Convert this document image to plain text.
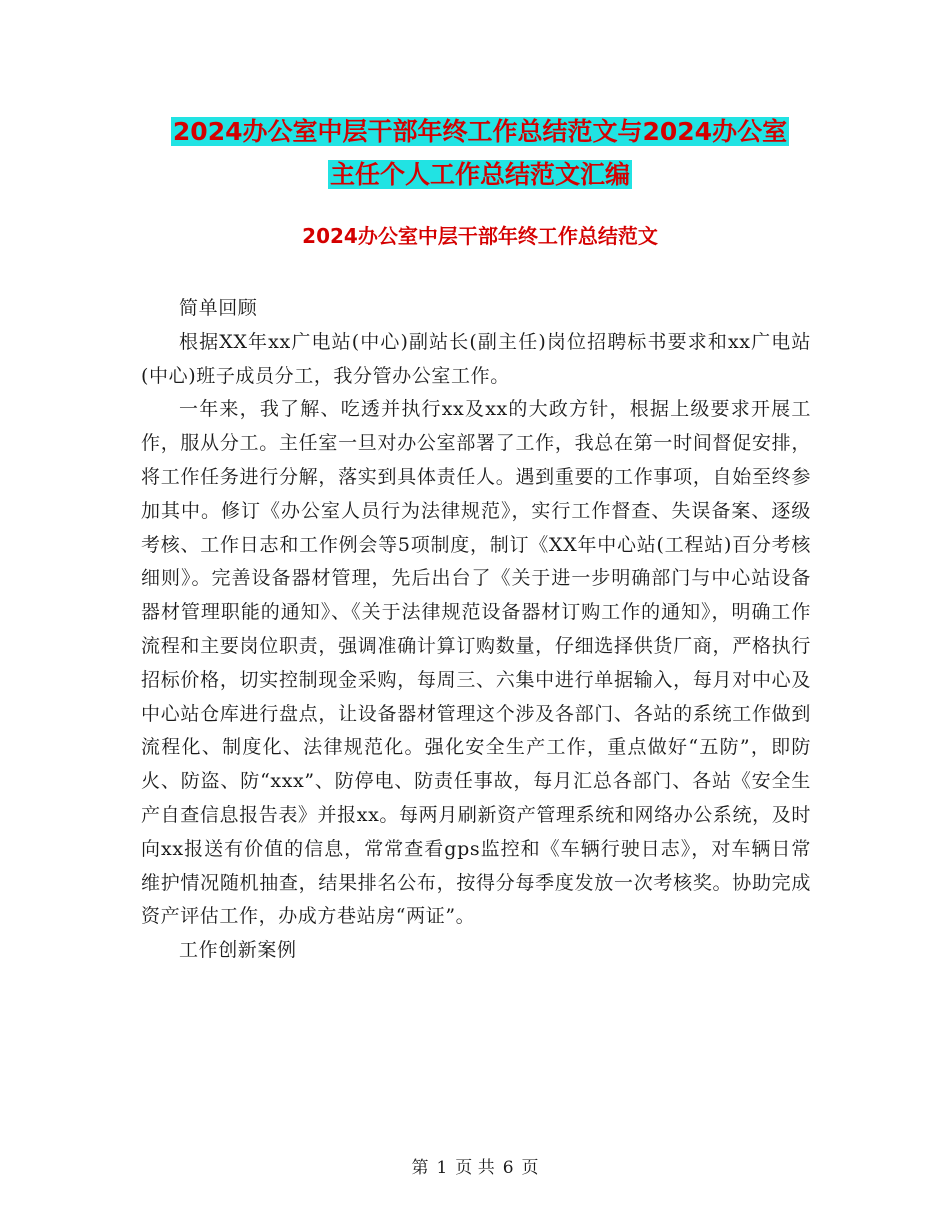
2024办公室中层干部年终工作总结范文与2024办公室
主任个人工作总结范文汇编
2024办公室中层干部年终工作总结范文

简单回顾

根据XX年xx广电站(中心)副站长(副主任)岗位招聘标书要求和xx广电站(中心)班子成员分工，我分管办公室工作。

一年来，我了解、吃透并执行xx及xx的大政方针，根据上级要求开展工作，服从分工。主任室一旦对办公室部署了工作，我总在第一时间督促安排，将工作任务进行分解，落实到具体责任人。遇到重要的工作事项，自始至终参加其中。修订《办公室人员行为法律规范》，实行工作督查、失误备案、逐级考核、工作日志和工作例会等5项制度，制订《XX年中心站(工程站)百分考核细则》。完善设备器材管理，先后出台了《关于进一步明确部门与中心站设备器材管理职能的通知》、《关于法律规范设备器材订购工作的通知》，明确工作流程和主要岗位职责，强调准确计算订购数量，仔细选择供货厂商，严格执行招标价格，切实控制现金采购，每周三、六集中进行单据输入，每月对中心及中心站仓库进行盘点，让设备器材管理这个涉及各部门、各站的系统工作做到流程化、制度化、法律规范化。强化安全生产工作，重点做好“五防”，即防火、防盗、防“xxx”、防停电、防责任事故，每月汇总各部门、各站《安全生产自查信息报告表》并报xx。每两月刷新资产管理系统和网络办公系统，及时向xx报送有价值的信息，常常查看gps监控和《车辆行驶日志》，对车辆日常维护情况随机抽查，结果排名公布，按得分每季度发放一次考核奖。协助完成资产评估工作，办成方巷站房“两证”。

工作创新案例

第 1 页 共 6 页
